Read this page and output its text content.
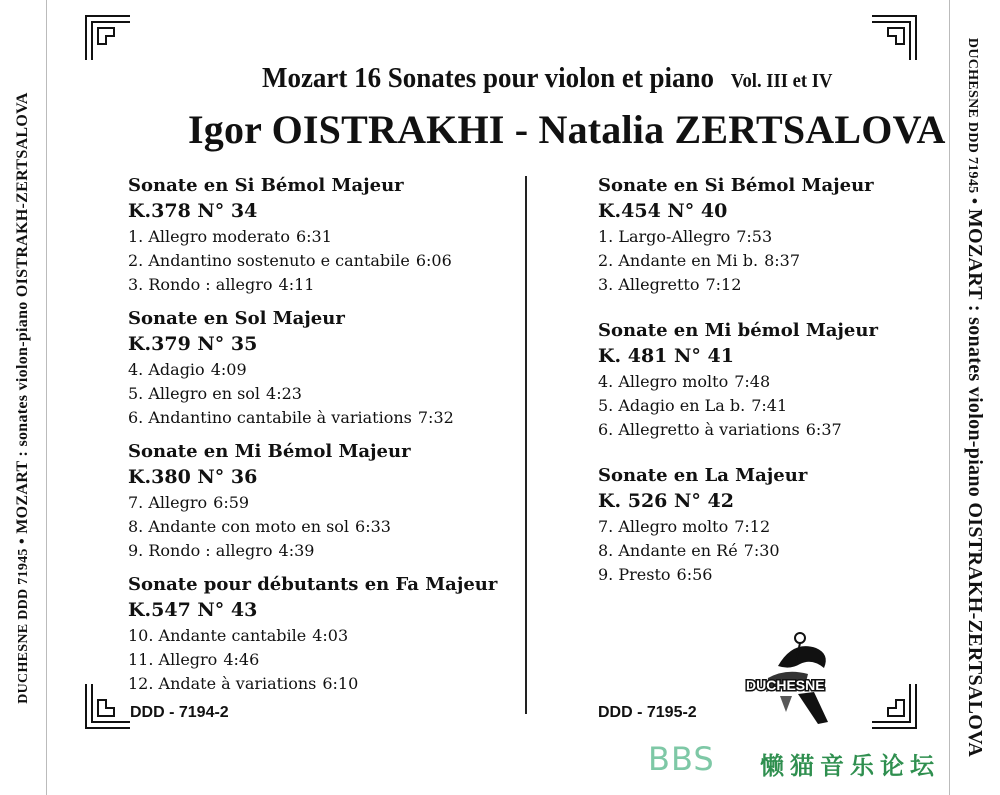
DUCHESNE DDD 71945 • MOZART : sonates violon-piano OISTRAKH-ZERTSALOVA	DUCHESNE DDD 71945 • MOZART : sonates violon-piano OISTRAKH-ZERTSALOVA
Mozart 16 Sonates pour violon et piano Vol. III et IV
Igor OISTRAKHI - Natalia ZERTSALOVA
Sonate en Si Bémol Majeur
K.378 N° 34
1. Allegro moderato 6:31
2. Andantino sostenuto e cantabile 6:06
3. Rondo : allegro 4:11
Sonate en Sol Majeur
K.379 N° 35
4. Adagio 4:09
5. Allegro en sol 4:23
6. Andantino cantabile à variations 7:32
Sonate en Mi Bémol Majeur
K.380 N° 36
7. Allegro 6:59
8. Andante con moto en sol 6:33
9. Rondo : allegro 4:39
Sonate pour débutants en Fa Majeur
K.547 N° 43
10. Andante cantabile 4:03
11. Allegro 4:46
12. Andate à variations 6:10
DDD - 7194-2
Sonate en Si Bémol Majeur
K.454 N° 40
1. Largo-Allegro 7:53
2. Andante en Mi b. 8:37
3. Allegretto 7:12
Sonate en Mi bémol Majeur
K. 481 N° 41
4. Allegro molto 7:48
5. Adagio en La b. 7:41
6. Allegretto à variations 6:37
Sonate en La Majeur
K. 526 N° 42
7. Allegro molto 7:12
8. Andante en Ré 7:30
9. Presto 6:56
DDD - 7195-2
DUCHESNE
BBS 懒猫音乐论坛
